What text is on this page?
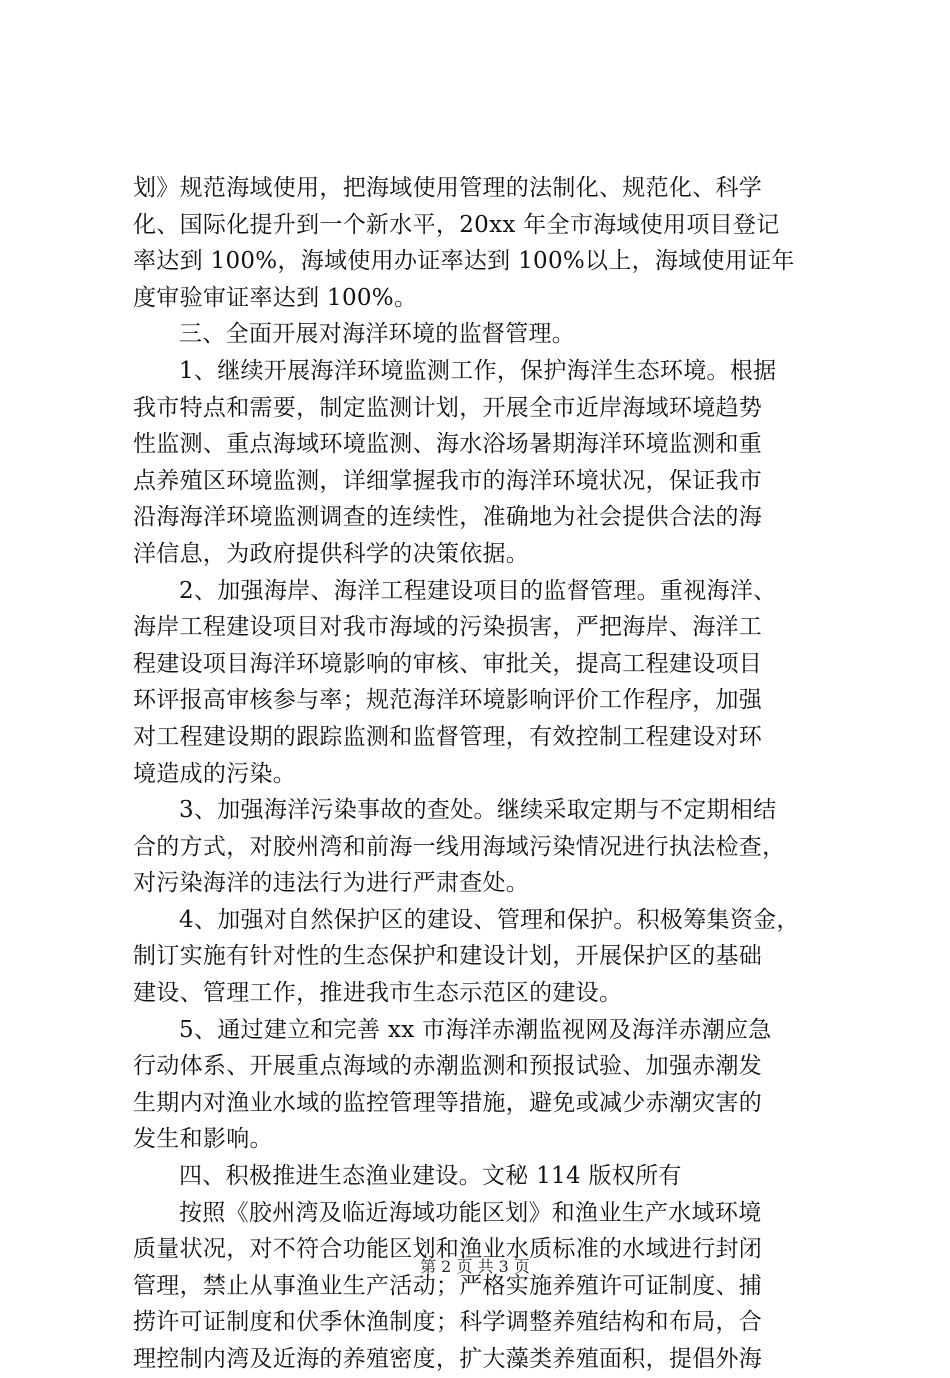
划》规范海域使用，把海域使用管理的法制化、规范化、科学
化、国际化提升到一个新水平，20xx 年全市海域使用项目登记
率达到 100%，海域使用办证率达到 100%以上，海域使用证年
度审验审证率达到 100%。
三、全面开展对海洋环境的监督管理。
1、继续开展海洋环境监测工作，保护海洋生态环境。根据
我市特点和需要，制定监测计划，开展全市近岸海域环境趋势
性监测、重点海域环境监测、海水浴场暑期海洋环境监测和重
点养殖区环境监测，详细掌握我市的海洋环境状况，保证我市
沿海海洋环境监测调查的连续性，准确地为社会提供合法的海
洋信息，为政府提供科学的决策依据。
2、加强海岸、海洋工程建设项目的监督管理。重视海洋、
海岸工程建设项目对我市海域的污染损害，严把海岸、海洋工
程建设项目海洋环境影响的审核、审批关，提高工程建设项目
环评报高审核参与率；规范海洋环境影响评价工作程序，加强
对工程建设期的跟踪监测和监督管理，有效控制工程建设对环
境造成的污染。
3、加强海洋污染事故的查处。继续采取定期与不定期相结
合的方式，对胶州湾和前海一线用海域污染情况进行执法检查，
对污染海洋的违法行为进行严肃查处。
4、加强对自然保护区的建设、管理和保护。积极筹集资金，
制订实施有针对性的生态保护和建设计划，开展保护区的基础
建设、管理工作，推进我市生态示范区的建设。
5、通过建立和完善 xx 市海洋赤潮监视网及海洋赤潮应急
行动体系、开展重点海域的赤潮监测和预报试验、加强赤潮发
生期内对渔业水域的监控管理等措施，避免或减少赤潮灾害的
发生和影响。
四、积极推进生态渔业建设。文秘 114 版权所有
按照《胶州湾及临近海域功能区划》和渔业生产水域环境
质量状况，对不符合功能区划和渔业水质标准的水域进行封闭
管理，禁止从事渔业生产活动；严格实施养殖许可证制度、捕
捞许可证制度和伏季休渔制度；科学调整养殖结构和布局，合
理控制内湾及近海的养殖密度，扩大藻类养殖面积，提倡外海
第 2 页 共 3 页
